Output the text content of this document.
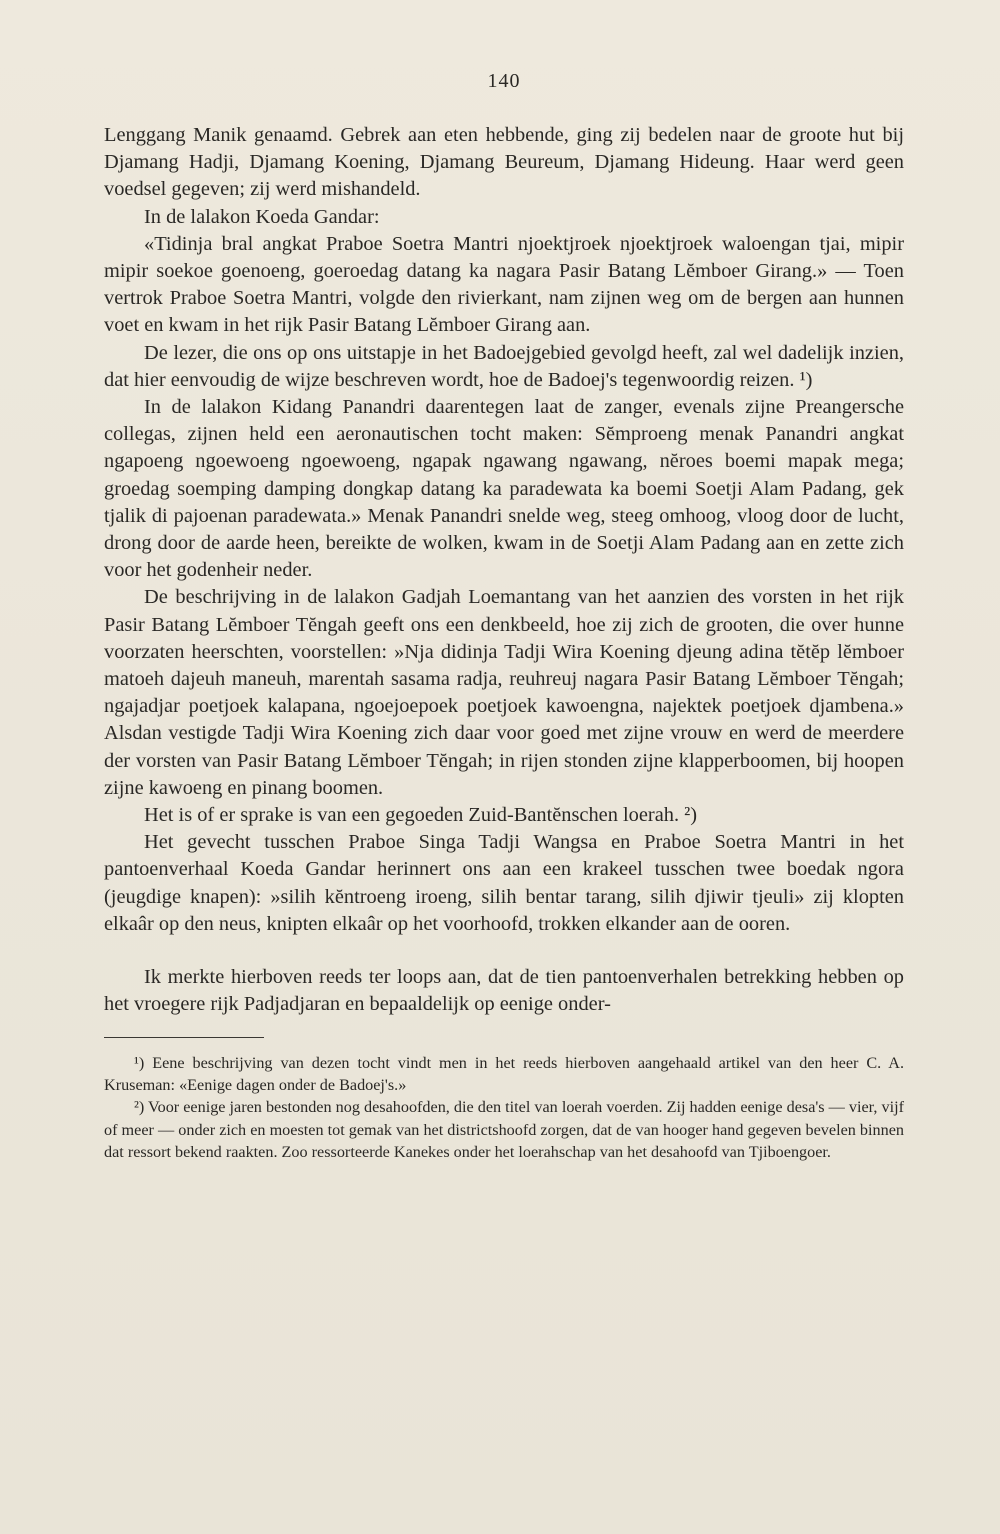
140

Lenggang Manik genaamd. Gebrek aan eten hebbende, ging zij bedelen naar de groote hut bij Djamang Hadji, Djamang Koening, Djamang Beureum, Djamang Hideung. Haar werd geen voedsel gegeven; zij werd mishandeld.

In de lalakon Koeda Gandar:

«Tidinja bral angkat Praboe Soetra Mantri njoektjroek njoektjroek waloengan tjai, mipir mipir soekoe goenoeng, goeroedag datang ka nagara Pasir Batang Lĕmboer Girang.» — Toen vertrok Praboe Soetra Mantri, volgde den rivierkant, nam zijnen weg om de bergen aan hunnen voet en kwam in het rijk Pasir Batang Lĕmboer Girang aan.

De lezer, die ons op ons uitstapje in het Badoejgebied gevolgd heeft, zal wel dadelijk inzien, dat hier eenvoudig de wijze beschreven wordt, hoe de Badoej's tegenwoordig reizen. ¹)

In de lalakon Kidang Panandri daarentegen laat de zanger, evenals zijne Preangersche collegas, zijnen held een aeronautischen tocht maken: Sĕmproeng menak Panandri angkat ngapoeng ngoewoeng ngoewoeng, ngapak ngawang ngawang, nĕroes boemi mapak mega; groedag soemping damping dongkap datang ka paradewata ka boemi Soetji Alam Padang, gek tjalik di pajoenan paradewata.» Menak Panandri snelde weg, steeg omhoog, vloog door de lucht, drong door de aarde heen, bereikte de wolken, kwam in de Soetji Alam Padang aan en zette zich voor het godenheir neder.

De beschrijving in de lalakon Gadjah Loemantang van het aanzien des vorsten in het rijk Pasir Batang Lĕmboer Tĕngah geeft ons een denkbeeld, hoe zij zich de grooten, die over hunne voorzaten heerschten, voorstellen: »Nja didinja Tadji Wira Koening djeung adina tĕtĕp lĕmboer matoeh dajeuh maneuh, marentah sasama radja, reuhreuj nagara Pasir Batang Lĕmboer Tĕngah; ngajadjar poetjoek kalapana, ngoejoepoek poetjoek kawoengna, najektek poetjoek djambena.» Alsdan vestigde Tadji Wira Koening zich daar voor goed met zijne vrouw en werd de meerdere der vorsten van Pasir Batang Lĕmboer Tĕngah; in rijen stonden zijne klapperboomen, bij hoopen zijne kawoeng en pinang boomen.

Het is of er sprake is van een gegoeden Zuid-Bantĕnschen loerah. ²)

Het gevecht tusschen Praboe Singa Tadji Wangsa en Praboe Soetra Mantri in het pantoenverhaal Koeda Gandar herinnert ons aan een krakeel tusschen twee boedak ngora (jeugdige knapen): »silih kĕntroeng iroeng, silih bentar tarang, silih djiwir tjeuli» zij klopten elkaâr op den neus, knipten elkaâr op het voorhoofd, trokken elkander aan de ooren.

Ik merkte hierboven reeds ter loops aan, dat de tien pantoenverhalen betrekking hebben op het vroegere rijk Padjadjaran en bepaaldelijk op eenige onder-

¹) Eene beschrijving van dezen tocht vindt men in het reeds hierboven aangehaald artikel van den heer C. A. Kruseman: «Eenige dagen onder de Badoej's.»

²) Voor eenige jaren bestonden nog desahoofden, die den titel van loerah voerden. Zij hadden eenige desa's — vier, vijf of meer — onder zich en moesten tot gemak van het districtshoofd zorgen, dat de van hooger hand gegeven bevelen binnen dat ressort bekend raakten. Zoo ressorteerde Kanekes onder het loerahschap van het desahoofd van Tjiboengoer.
